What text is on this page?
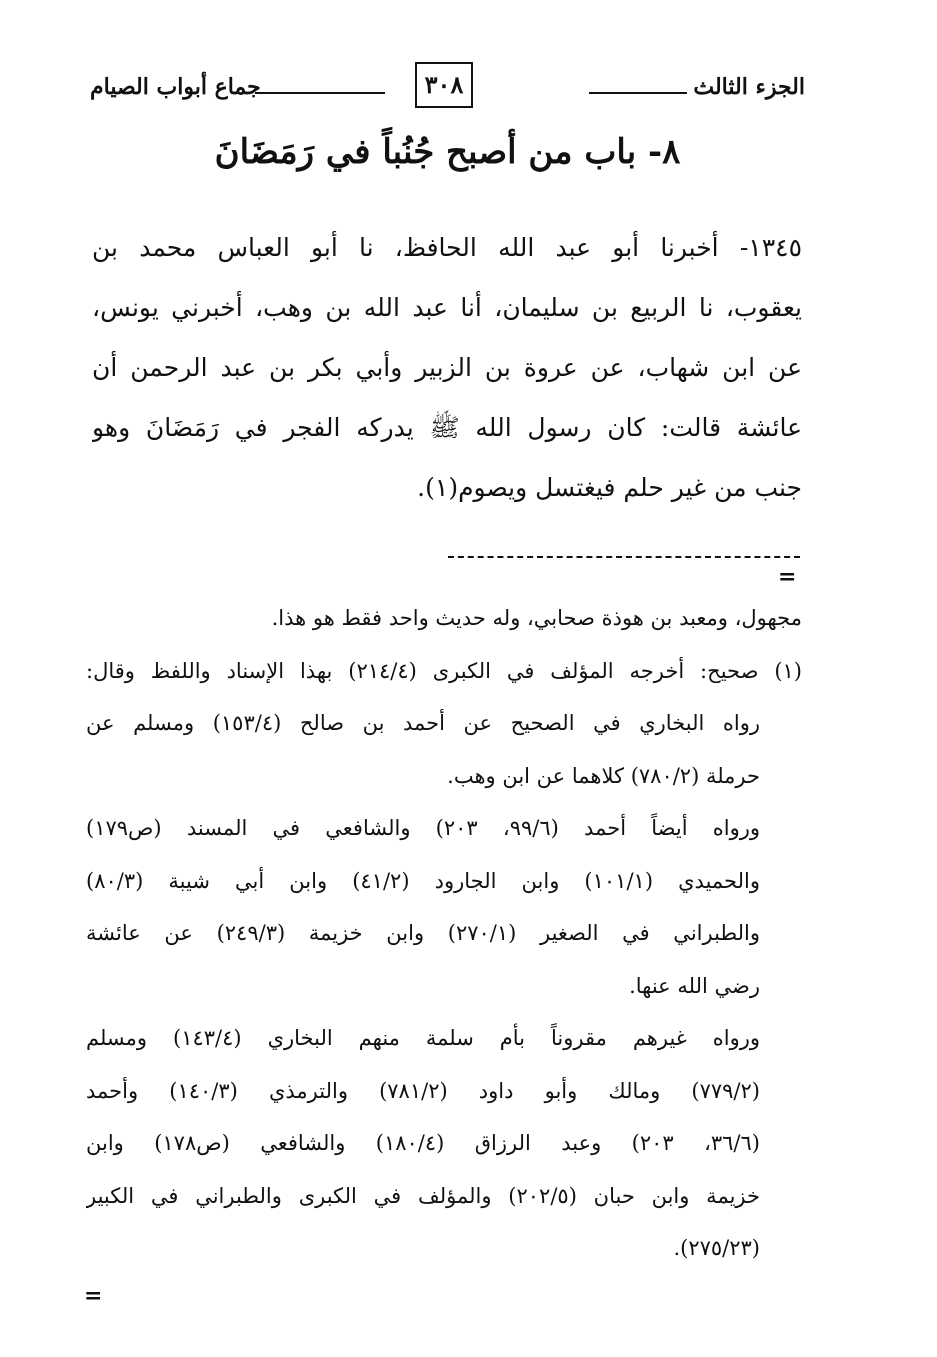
الجزء الثالث
٣٠٨
جماع أبواب الصيام
٨- باب من أصبح جُنُباً في رَمَضَانَ
١٣٤٥- أخبرنا أبو عبد الله الحافظ، نا أبو العباس محمد بن
يعقوب، نا الربيع بن سليمان، أنا عبد الله بن وهب، أخبرني يونس،
عن ابن شهاب، عن عروة بن الزبير وأبي بكر بن عبد الرحمن أن
عائشة قالت: كان رسول الله ﷺ يدركه الفجر في رَمَضَانَ وهو
جنب من غير حلم فيغتسل ويصوم(١).
=
مجهول، ومعبد بن هوذة صحابي، وله حديث واحد فقط هو هذا.
(١) صحيح: أخرجه المؤلف في الكبرى (٢١٤/٤) بهذا الإسناد واللفظ وقال:
رواه البخاري في الصحيح عن أحمد بن صالح (١٥٣/٤) ومسلم عن
حرملة (٧٨٠/٢) كلاهما عن ابن وهب.
ورواه أيضاً أحمد (٩٩/٦، ٢٠٣) والشافعي في المسند (ص١٧٩)
والحميدي (١٠١/١) وابن الجارود (٤١/٢) وابن أبي شيبة (٨٠/٣)
والطبراني في الصغير (٢٧٠/١) وابن خزيمة (٢٤٩/٣) عن عائشة
رضي الله عنها.
ورواه غيرهم مقروناً بأم سلمة منهم البخاري (١٤٣/٤) ومسلم
(٧٧٩/٢) ومالك وأبو داود (٧٨١/٢) والترمذي (١٤٠/٣) وأحمد
(٣٦/٦، ٢٠٣) وعبد الرزاق (١٨٠/٤) والشافعي (ص١٧٨) وابن
خزيمة وابن حبان (٢٠٢/٥) والمؤلف في الكبرى والطبراني في الكبير
(٢٧٥/٢٣).
=
